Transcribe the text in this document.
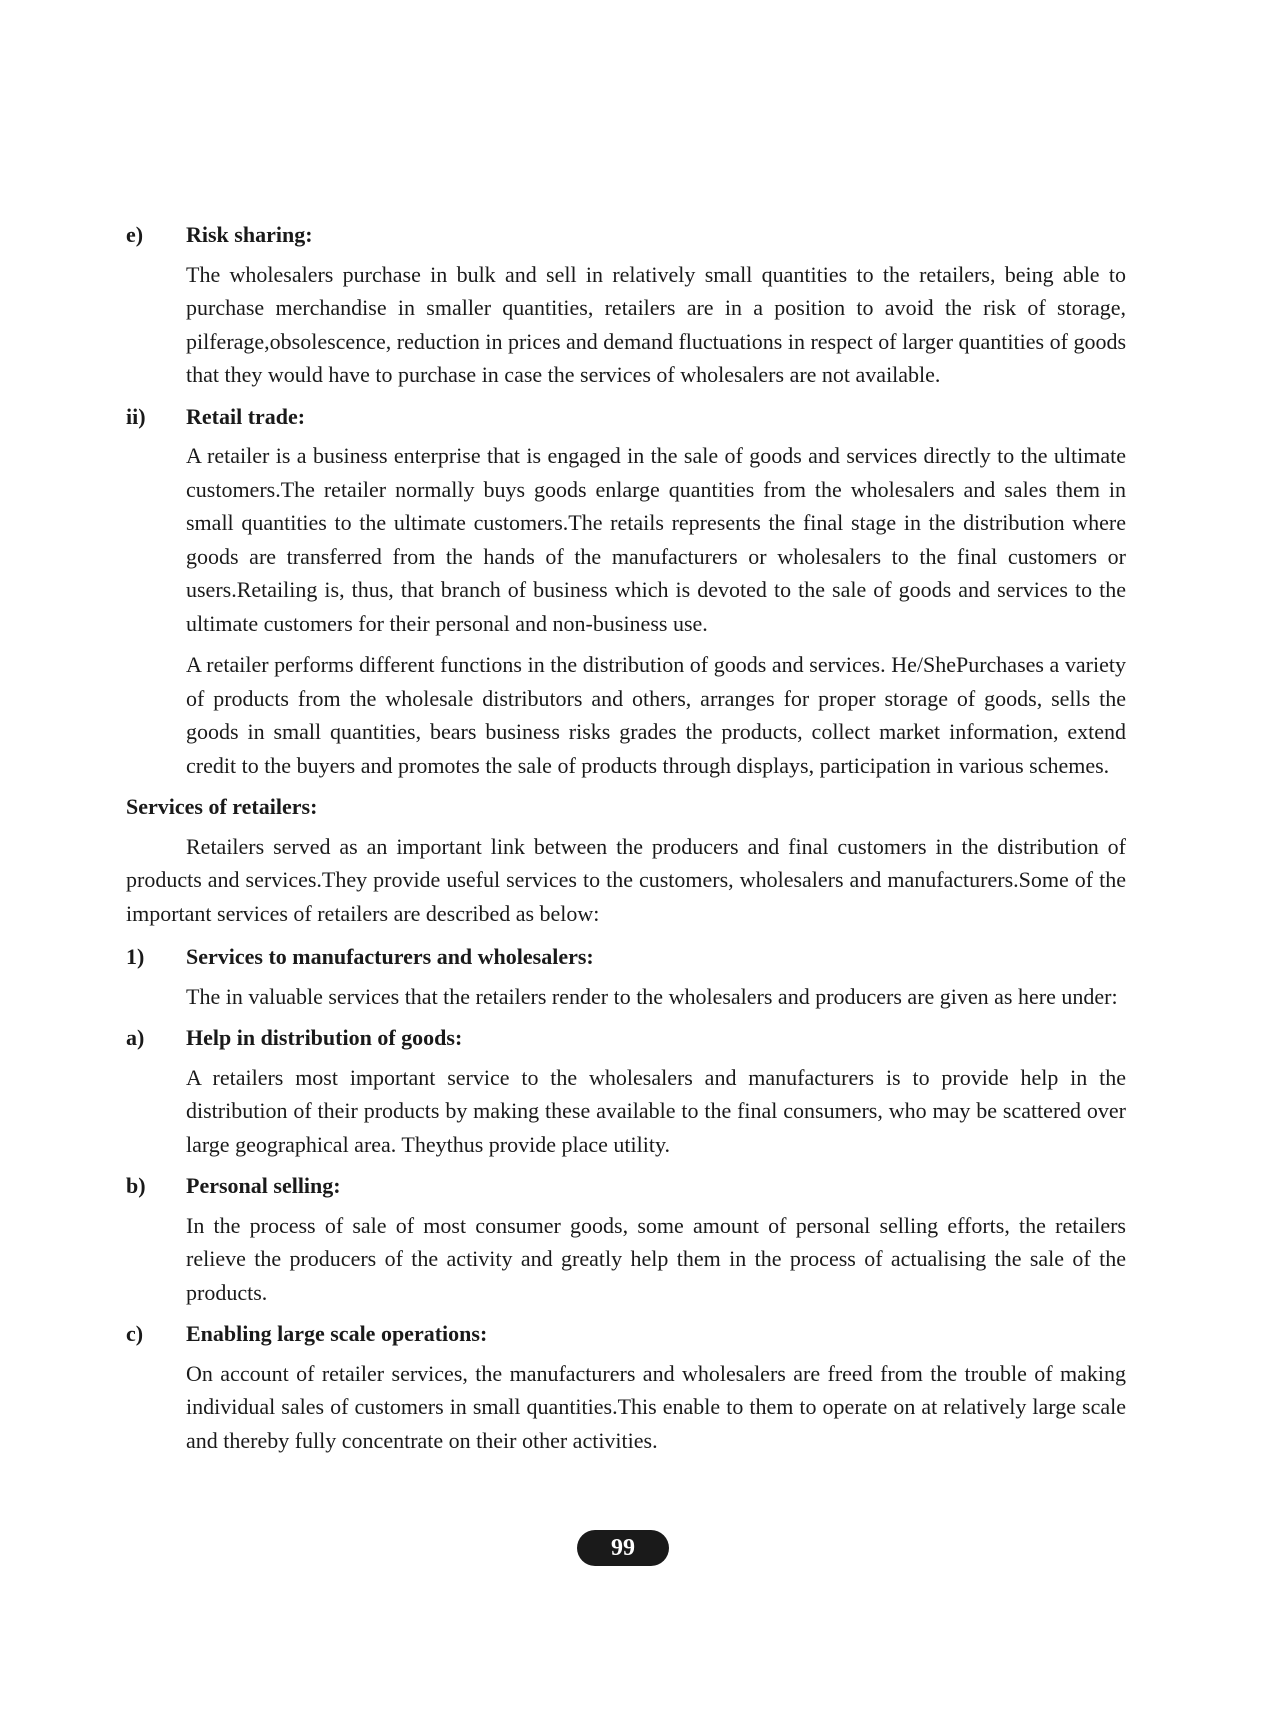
e)	Risk sharing:

The wholesalers purchase in bulk and sell in relatively small quantities to the retailers, being able to purchase merchandise in smaller quantities, retailers are in a position to avoid the risk of storage, pilferage,obsolescence, reduction in prices and demand fluctuations in respect of larger quantities of goods that they would have to purchase in case the services of wholesalers are not available.

ii)	Retail trade:

A retailer is a business enterprise that is engaged in the sale of goods and services directly to the ultimate customers.The retailer normally buys goods enlarge quantities from the wholesalers and sales them in small quantities to the ultimate customers.The retails represents the final stage in the distribution where goods are transferred from the hands of the manufacturers or wholesalers to the final customers or users.Retailing is, thus, that branch of business which is devoted to the sale of goods and services to the ultimate customers for their personal and non-business use.

A retailer performs different functions in the distribution of goods and services. He/ShePurchases a variety of products from the wholesale distributors and others, arranges for proper storage of goods, sells the goods in small quantities, bears business risks grades the products, collect market information, extend credit to the buyers and promotes the sale of products through displays, participation in various schemes.

Services of retailers:

Retailers served as an important link between the producers and final customers in the distribution of products and services.They provide useful services to the customers, wholesalers and manufacturers.Some of the important services of retailers are described as below:

1)	Services to manufacturers and wholesalers:

The in valuable services that the retailers render to the wholesalers and producers are given as here under:

a)	Help in distribution of goods:

A retailers most important service to the wholesalers and manufacturers is to provide help in the distribution of their products by making these available to the final consumers, who may be scattered over large geographical area. Theythus provide place utility.

b)	Personal selling:

In the process of sale of most consumer goods, some amount of personal selling efforts, the retailers relieve the producers of the activity and greatly help them in the process of actualising the sale of the products.

c)	Enabling large scale operations:

On account of retailer services, the manufacturers and wholesalers are freed from the trouble of making individual sales of customers in small quantities.This enable to them to operate on at relatively large scale and thereby fully concentrate on their other activities.

99
